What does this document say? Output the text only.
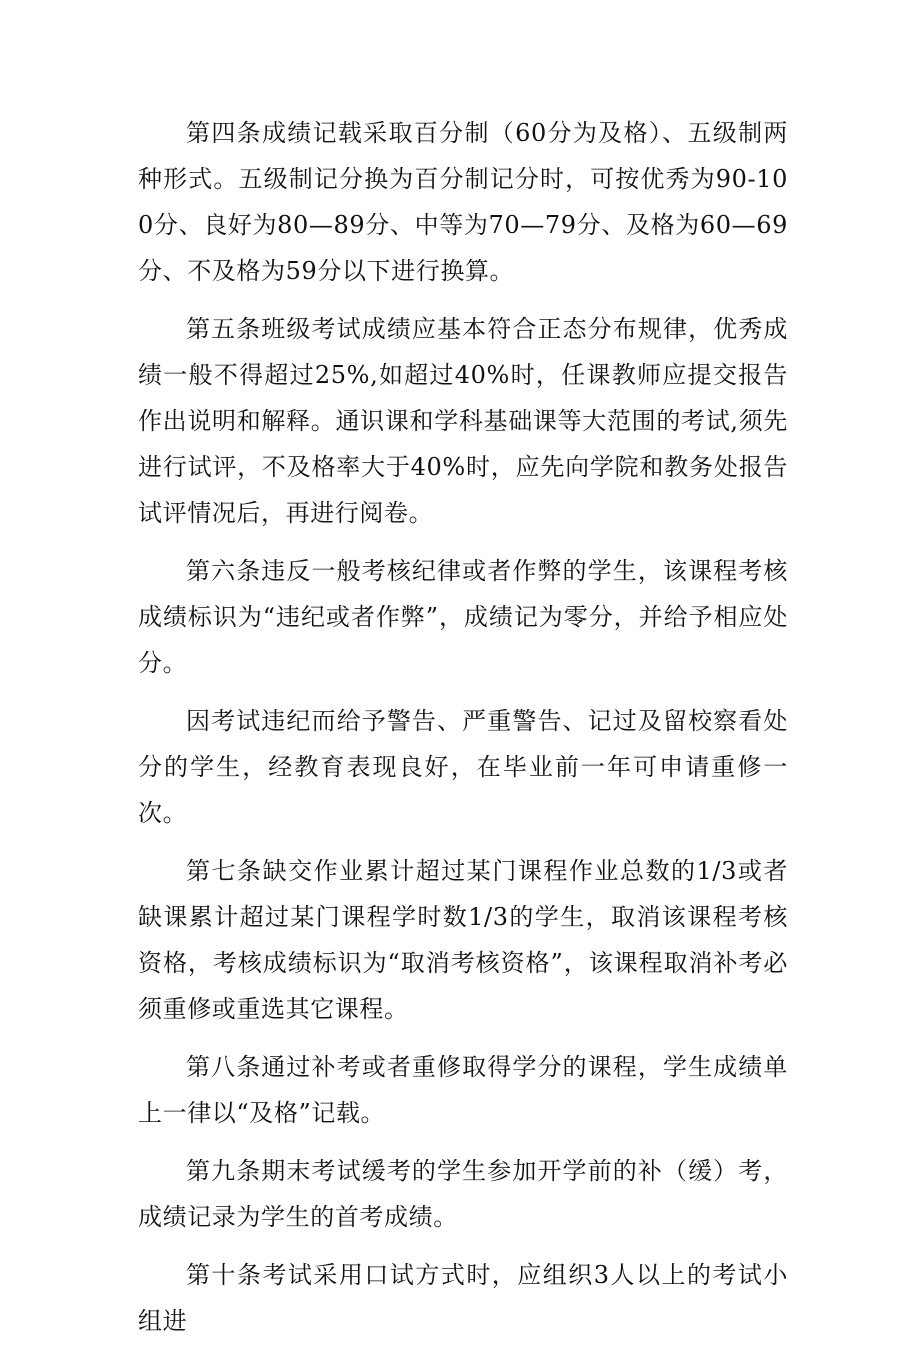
第四条成绩记载采取百分制（60分为及格）、五级制两种形式。五级制记分换为百分制记分时，可按优秀为90-100分、良好为80—89分、中等为70—79分、及格为60—69分、不及格为59分以下进行换算。

第五条班级考试成绩应基本符合正态分布规律，优秀成绩一般不得超过25%,如超过40%时，任课教师应提交报告作出说明和解释。通识课和学科基础课等大范围的考试,须先进行试评，不及格率大于40%时，应先向学院和教务处报告试评情况后，再进行阅卷。

第六条违反一般考核纪律或者作弊的学生，该课程考核成绩标识为“违纪或者作弊”，成绩记为零分，并给予相应处分。

因考试违纪而给予警告、严重警告、记过及留校察看处分的学生，经教育表现良好，在毕业前一年可申请重修一次。

第七条缺交作业累计超过某门课程作业总数的1/3或者缺课累计超过某门课程学时数1/3的学生，取消该课程考核资格，考核成绩标识为“取消考核资格”，该课程取消补考必须重修或重选其它课程。

第八条通过补考或者重修取得学分的课程，学生成绩单上一律以“及格”记载。

第九条期末考试缓考的学生参加开学前的补（缓）考，成绩记录为学生的首考成绩。

第十条考试采用口试方式时，应组织3人以上的考试小组进
